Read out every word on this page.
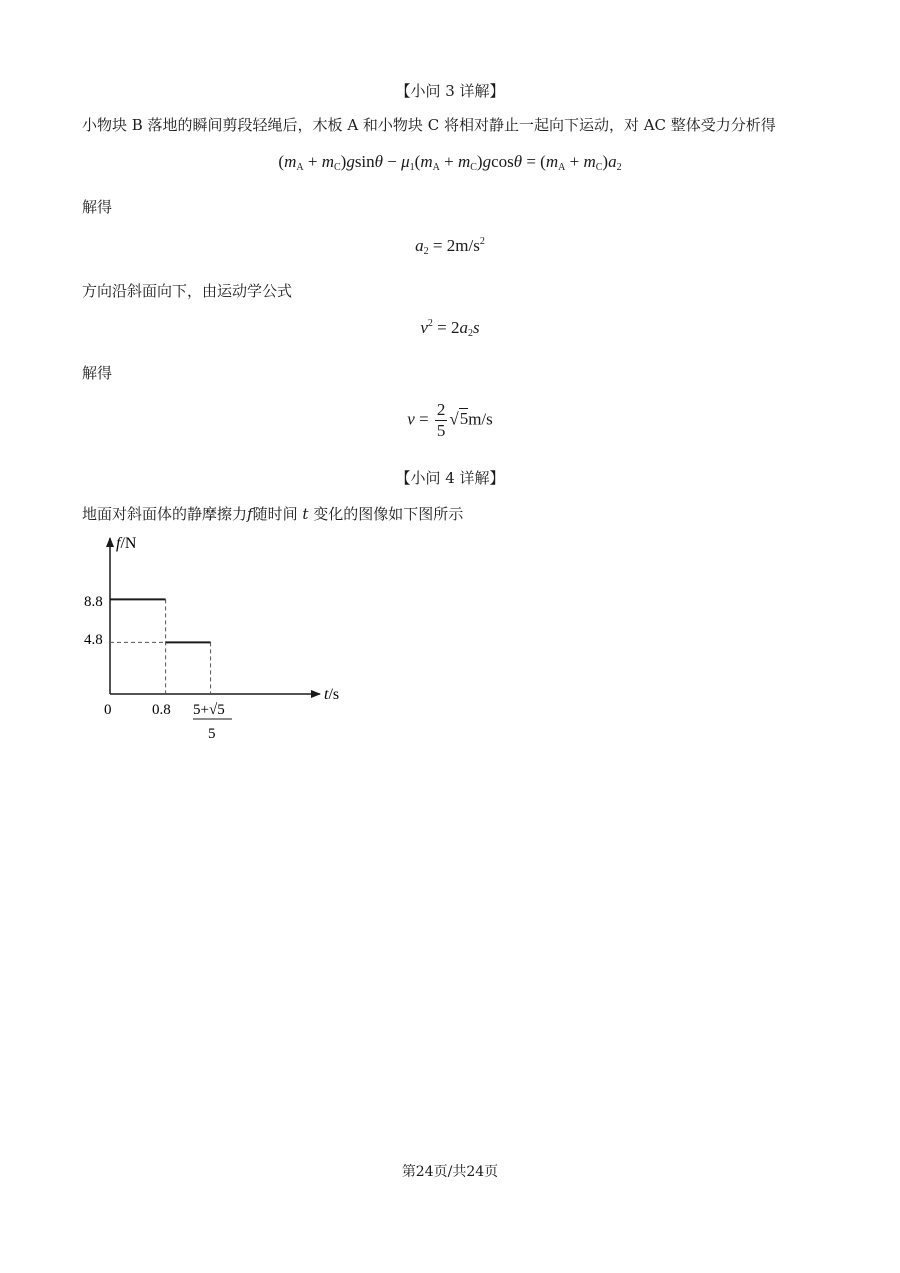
【小问 3 详解】
小物块 B 落地的瞬间剪段轻绳后，木板 A 和小物块 C 将相对静止一起向下运动，对 AC 整体受力分析得
$(m_A + m_C)gsin\theta - \mu_1(m_A + m_C)gcos\theta = (m_A + m_C)a_2$
解得
$a_2 = 2m/s^2$
方向沿斜面向下，由运动学公式
$v^2 = 2a_2s$
解得
$v = \frac{2}{5} √5m/s$
【小问 4 详解】
地面对斜面体的静摩擦力f随时间 t 变化的图像如下图所示
f/N
t/s
0
8.8
4.8
0.8 5+√5
5
第24页/共24页
